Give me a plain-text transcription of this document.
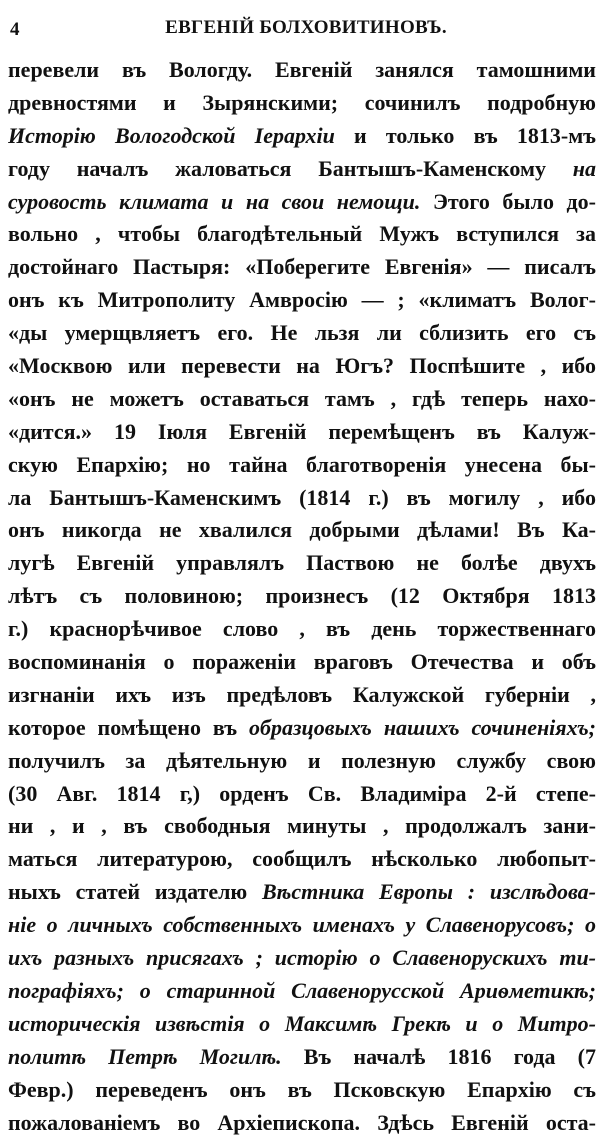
4	ЕВГЕНІЙ БОЛХОВИТИНОВЪ.
перевели въ Вологду. Евгеній занялся тамошними
древностями и Зырянскими; сочинилъ подробную
Исторію Вологодской Іерархіи и только въ 1813-мъ
году началъ жаловаться Бантышъ-Каменскому на
суровость климата и на свои немощи. Этого было до-
вольно , чтобы благодѣтельный Мужъ вступился за
достойнаго Пастыря: «Поберегите Евгенія» — писалъ
онъ къ Митрополиту Амвросію — ; «климатъ Волог-
«ды умерщвляетъ его. Не льзя ли сблизить его съ
«Москвою или перевести на Югъ? Поспѣшите , ибо
«онъ не можетъ оставаться тамъ , гдѣ теперь нахо-
«дится.» 19 Іюля Евгеній перемѣщенъ въ Калуж-
скую Епархію; но тайна благотворенія унесена бы-
ла Бантышъ-Каменскимъ (1814 г.) въ могилу , ибо
онъ никогда не хвалился добрыми дѣлами! Въ Ка-
лугѣ Евгеній управлялъ Паствою не болѣе двухъ
лѣтъ съ половиною; произнесъ (12 Октября 1813
г.) краснорѣчивое слово , въ день торжественнаго
воспоминанія о пораженіи враговъ Отечества и объ
изгнаніи ихъ изъ предѣловъ Калужской губерніи ,
которое помѣщено въ образцовыхъ нашихъ сочиненіяхъ;
получилъ за дѣятельную и полезную службу свою
(30 Авг. 1814 г,) орденъ Св. Владиміра 2-й степе-
ни , и , въ свободныя минуты , продолжалъ зани-
маться литературою, сообщилъ нѣсколько любопыт-
ныхъ статей издателю Вѣстника Европы : изслѣдова-
ніе о личныхъ собственныхъ именахъ у Славенорусовъ; о
ихъ разныхъ присягахъ ; исторію о Славенорускихъ ти-
пографіяхъ; о старинной Славенорусской Ариѳметикѣ;
историческія извѣстія о Максимѣ Грекѣ и о Митро-
политѣ Петрѣ Могилѣ. Въ началѣ 1816 года (7
Февр.) переведенъ онъ въ Псковскую Епархію съ
пожалованіемъ во Архіепископа. Здѣсь Евгеній оста-
